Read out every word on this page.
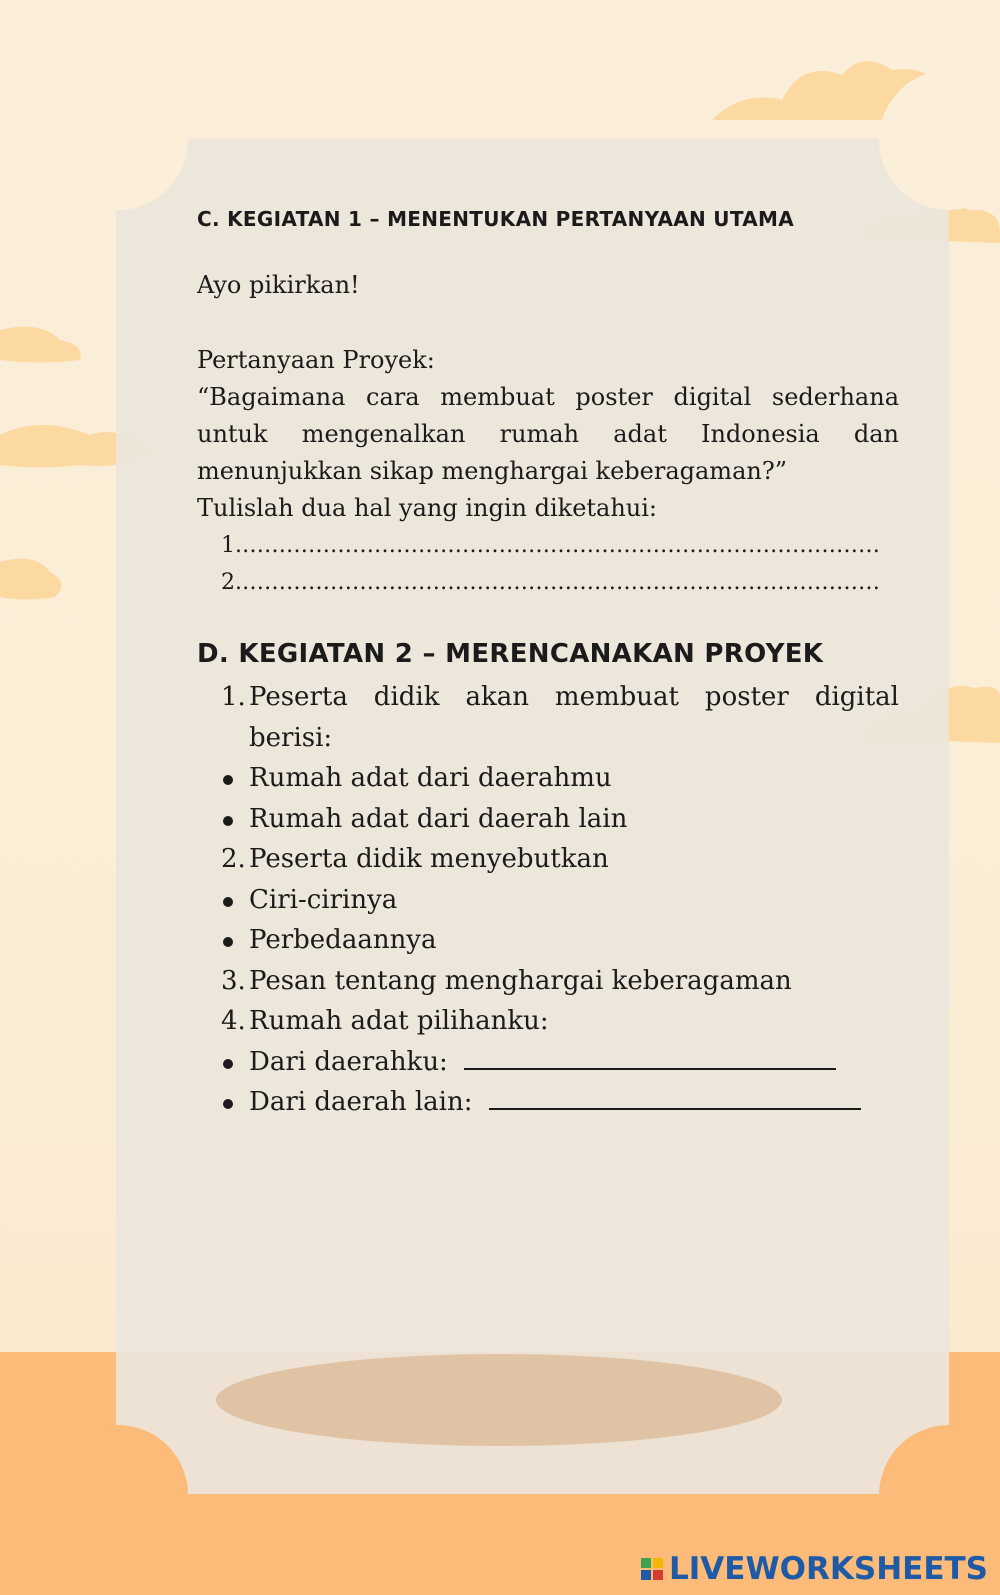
C. KEGIATAN 1 – MENENTUKAN PERTANYAAN UTAMA

Ayo pikirkan!

Pertanyaan Proyek:

“Bagaimana cara membuat poster digital sederhana untuk mengenalkan rumah adat Indonesia dan menunjukkan sikap menghargai keberagaman?”

Tulislah dua hal yang ingin diketahui:

1.……………………………………………………………………………
2.……………………………………………………………………………
D. KEGIATAN 2 – MERENCANAKAN PROYEK
1. Peserta didik akan membuat poster digital berisi:
Rumah adat dari daerahmu
Rumah adat dari daerah lain
2. Peserta didik menyebutkan
Ciri-cirinya
Perbedaannya
3. Pesan tentang menghargai keberagaman
4. Rumah adat pilihanku:
Dari daerahku:
Dari daerah lain:
LIVEWORKSHEETS
